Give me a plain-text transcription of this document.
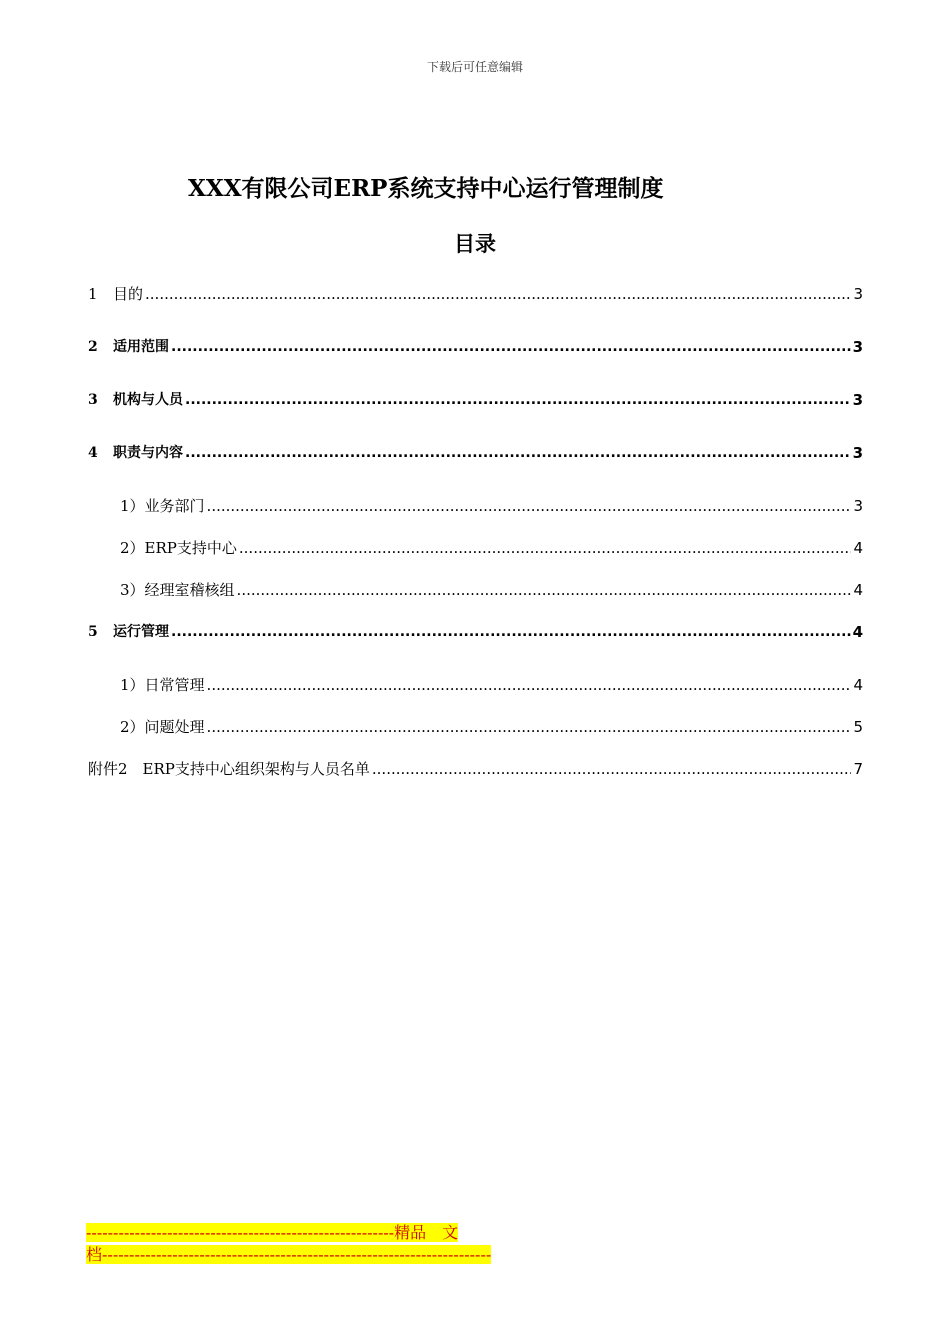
下载后可任意编辑
XXX有限公司ERP系统支持中心运行管理制度
目录
1	目的 .....	3
2	适用范围 .....	3
3	机构与人员 .....	3
4	职责与内容 .....	3
1）业务部门 .....	3
2）ERP支持中心 .....	4
3）经理室稽核组 .....	4
5	运行管理 .....	4
1）日常管理 .....	4
2）问题处理 .....	5
附件2　ERP支持中心组织架构与人员名单 .....	7
---------------------------------------------------------精品　文
档------------------------------------------------------------------------
